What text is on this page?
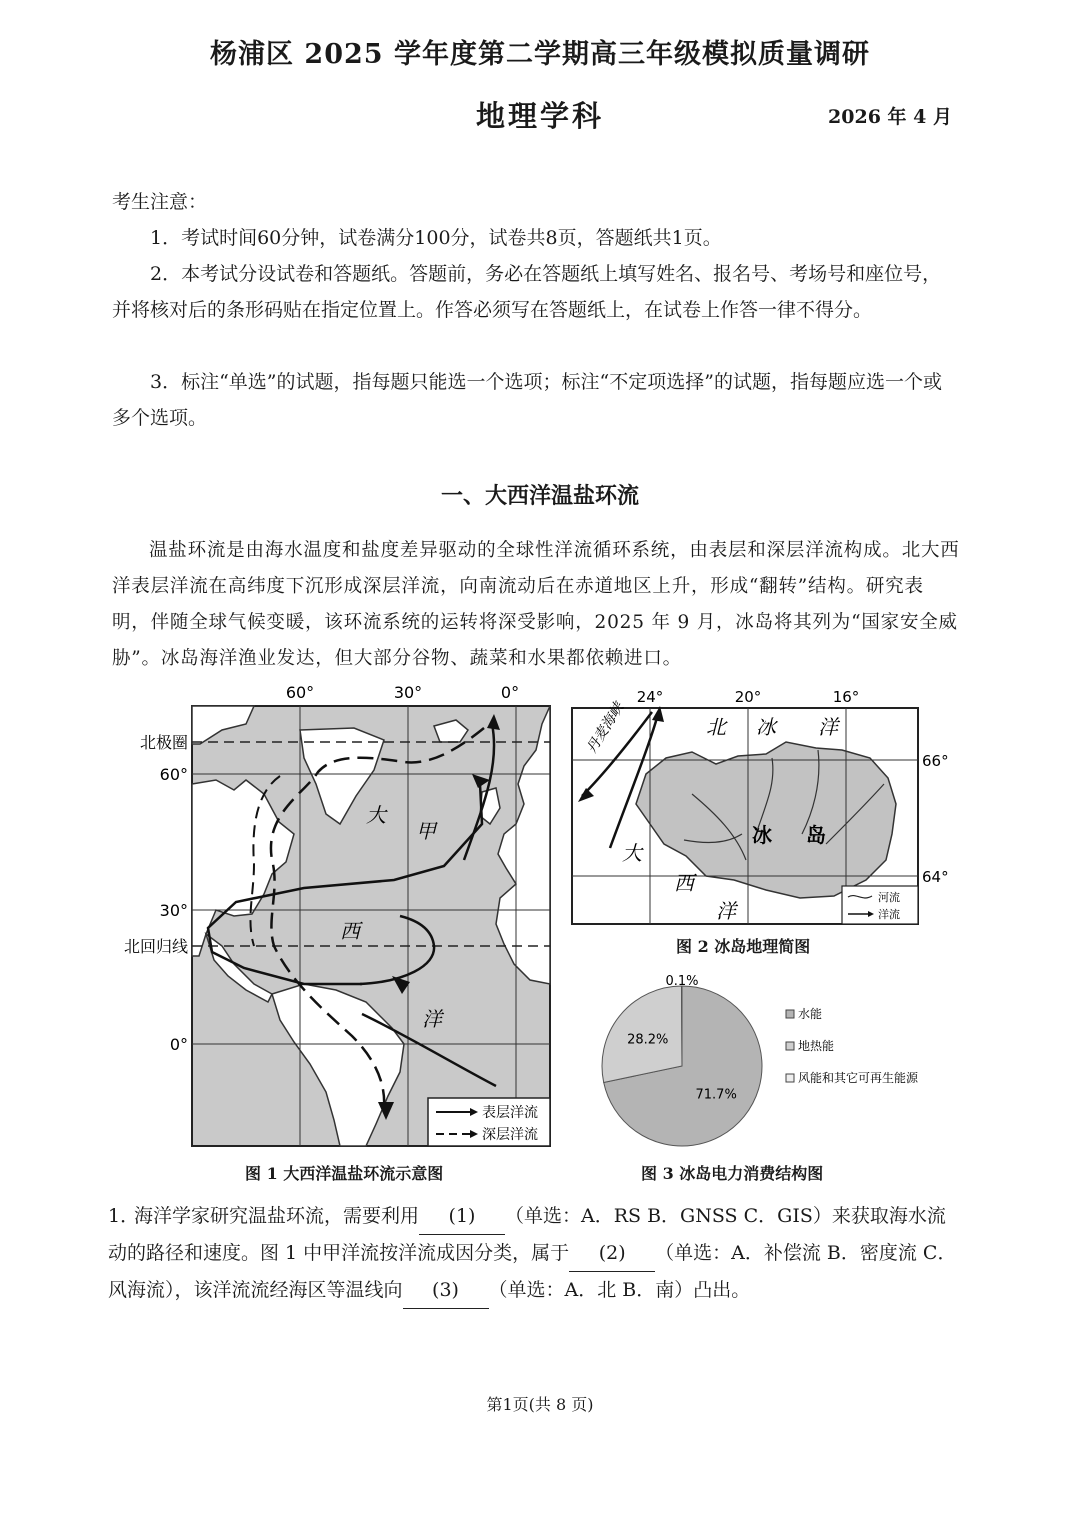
杨浦区 2025 学年度第二学期高三年级模拟质量调研
地理学科	2026 年 4 月
考生注意：
1．考试时间60分钟，试卷满分100分，试卷共8页，答题纸共1页。
2．本考试分设试卷和答题纸。答题前，务必在答题纸上填写姓名、报名号、考场号和座位号，并将核对后的条形码贴在指定位置上。作答必须写在答题纸上，在试卷上作答一律不得分。
3．标注“单选”的试题，指每题只能选一个选项；标注“不定项选择”的试题，指每题应选一个或多个选项。
一、大西洋温盐环流
温盐环流是由海水温度和盐度差异驱动的全球性洋流循环系统，由表层和深层洋流构成。北大西洋表层洋流在高纬度下沉形成深层洋流，向南流动后在赤道地区上升，形成“翻转”结构。研究表明，伴随全球气候变暖，该环流系统的运转将深受影响，2025 年 9 月，冰岛将其列为“国家安全威胁”。冰岛海洋渔业发达，但大部分谷物、蔬菜和水果都依赖进口。
60°	30°	0°
北极圈
60°
30°
北回归线
0°
大
甲
西
洋
表层洋流
深层洋流
图 1 大西洋温盐环流示意图
丹麦海峡
24°	20°	16°
66°
64°
北 冰 洋
大
西
洋
冰 岛
河流
洋流
图 2 冰岛地理简图
71.7%
28.2%
0.1%
水能
地热能
风能和其它可再生能源
图 3 冰岛电力消费结构图
1．海洋学家研究温盐环流，需要利用 (1) （单选：A．RS B．GNSS C．GIS）来获取海水流动的路径和速度。图 1 中甲洋流按洋流成因分类，属于 (2) （单选：A．补偿流 B．密度流 C．风海流），该洋流流经海区等温线向 (3) （单选：A．北 B．南）凸出。
第1页(共 8 页)
